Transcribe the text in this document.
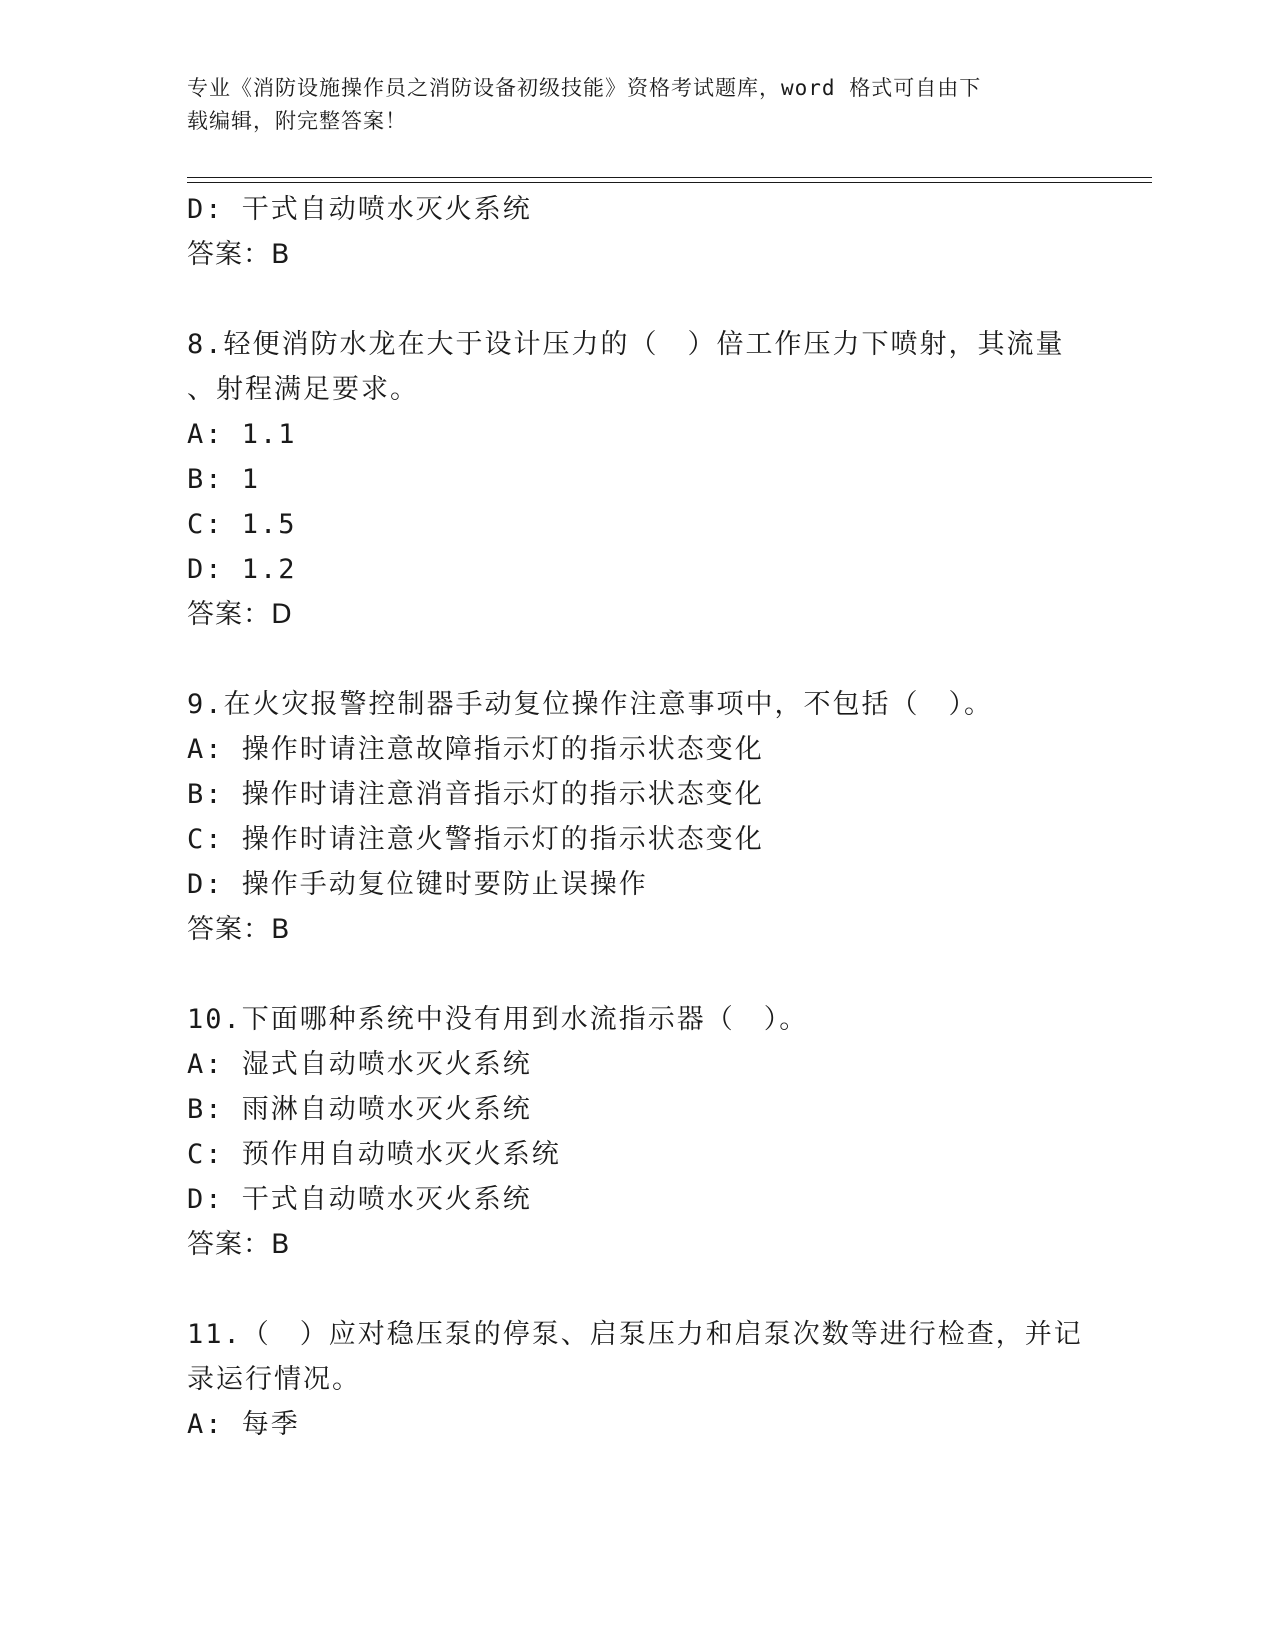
专业《消防设施操作员之消防设备初级技能》资格考试题库，word 格式可自由下
载编辑，附完整答案！
D: 干式自动喷水灭火系统
答案：B
8.轻便消防水龙在大于设计压力的（　）倍工作压力下喷射，其流量
、射程满足要求。
A: 1.1
B: 1
C: 1.5
D: 1.2
答案：D
9.在火灾报警控制器手动复位操作注意事项中，不包括（　）。
A: 操作时请注意故障指示灯的指示状态变化
B: 操作时请注意消音指示灯的指示状态变化
C: 操作时请注意火警指示灯的指示状态变化
D: 操作手动复位键时要防止误操作
答案：B
10.下面哪种系统中没有用到水流指示器（　）。
A: 湿式自动喷水灭火系统
B: 雨淋自动喷水灭火系统
C: 预作用自动喷水灭火系统
D: 干式自动喷水灭火系统
答案：B
11.（　）应对稳压泵的停泵、启泵压力和启泵次数等进行检查，并记
录运行情况。
A: 每季
